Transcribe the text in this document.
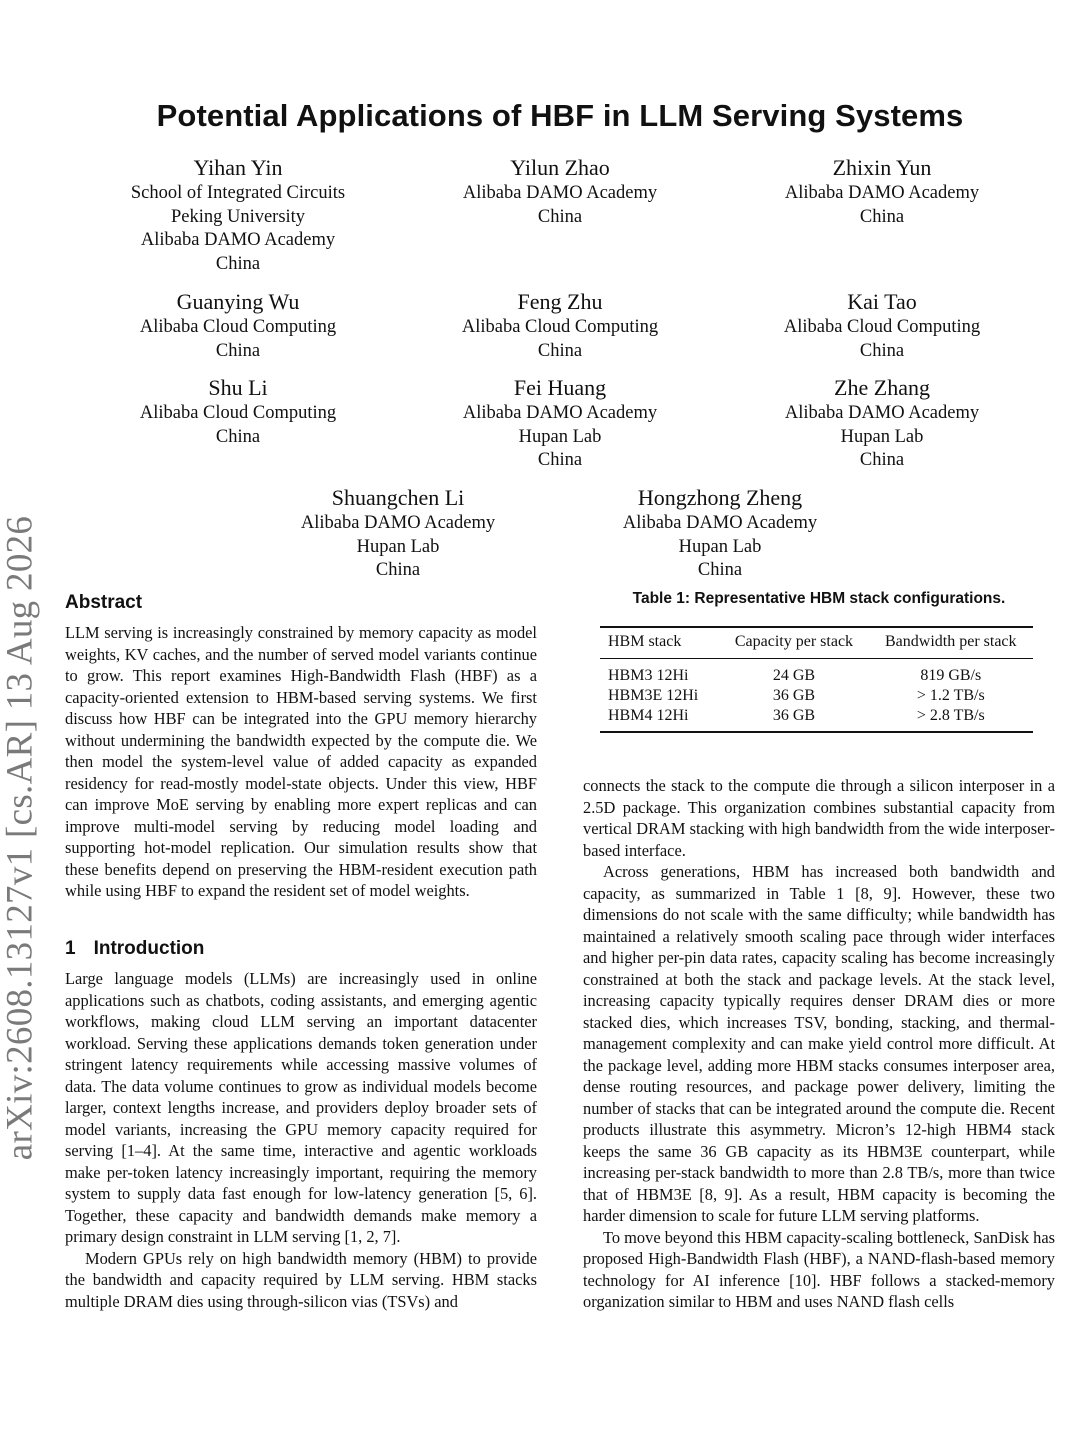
arXiv:2608.13127v1 [cs.AR] 13 Aug 2026
Potential Applications of HBF in LLM Serving Systems
Yihan Yin
School of Integrated Circuits
Peking University
Alibaba DAMO Academy
China
Yilun Zhao
Alibaba DAMO Academy
China
Zhixin Yun
Alibaba DAMO Academy
China
Guanying Wu
Alibaba Cloud Computing
China
Feng Zhu
Alibaba Cloud Computing
China
Kai Tao
Alibaba Cloud Computing
China
Shu Li
Alibaba Cloud Computing
China
Fei Huang
Alibaba DAMO Academy
Hupan Lab
China
Zhe Zhang
Alibaba DAMO Academy
Hupan Lab
China
Shuangchen Li
Alibaba DAMO Academy
Hupan Lab
China
Hongzhong Zheng
Alibaba DAMO Academy
Hupan Lab
China
Abstract

LLM serving is increasingly constrained by memory capacity as model weights, KV caches, and the number of served model variants continue to grow. This report examines High-Bandwidth Flash (HBF) as a capacity-oriented extension to HBM-based serving systems. We first discuss how HBF can be integrated into the GPU memory hierarchy without undermining the bandwidth expected by the compute die. We then model the system-level value of added capacity as expanded residency for read-mostly model-state objects. Under this view, HBF can improve MoE serving by enabling more expert replicas and can improve multi-model serving by reducing model loading and supporting hot-model replication. Our simulation results show that these benefits depend on preserving the HBM-resident execution path while using HBF to expand the resident set of model weights.

1 Introduction

Large language models (LLMs) are increasingly used in online applications such as chatbots, coding assistants, and emerging agentic workflows, making cloud LLM serving an important datacenter workload. Serving these applications demands token generation under stringent latency requirements while accessing massive volumes of data. The data volume continues to grow as individual models become larger, context lengths increase, and providers deploy broader sets of model variants, increasing the GPU memory capacity required for serving [1–4]. At the same time, interactive and agentic workloads make per-token latency increasingly important, requiring the memory system to supply data fast enough for low-latency generation [5, 6]. Together, these capacity and bandwidth demands make memory a primary design constraint in LLM serving [1, 2, 7].

Modern GPUs rely on high bandwidth memory (HBM) to provide the bandwidth and capacity required by LLM serving. HBM stacks multiple DRAM dies using through-silicon vias (TSVs) and

Table 1: Representative HBM stack configurations.
HBM stack	Capacity per stack	Bandwidth per stack
HBM3 12Hi	24 GB	819 GB/s
HBM3E 12Hi	36 GB	> 1.2 TB/s
HBM4 12Hi	36 GB	> 2.8 TB/s

connects the stack to the compute die through a silicon interposer in a 2.5D package. This organization combines substantial capacity from vertical DRAM stacking with high bandwidth from the wide interposer-based interface.

Across generations, HBM has increased both bandwidth and capacity, as summarized in Table 1 [8, 9]. However, these two dimensions do not scale with the same difficulty; while bandwidth has maintained a relatively smooth scaling pace through wider interfaces and higher per-pin data rates, capacity scaling has become increasingly constrained at both the stack and package levels. At the stack level, increasing capacity typically requires denser DRAM dies or more stacked dies, which increases TSV, bonding, stacking, and thermal-management complexity and can make yield control more difficult. At the package level, adding more HBM stacks consumes interposer area, dense routing resources, and package power delivery, limiting the number of stacks that can be integrated around the compute die. Recent products illustrate this asymmetry. Micron’s 12-high HBM4 stack keeps the same 36 GB capacity as its HBM3E counterpart, while increasing per-stack bandwidth to more than 2.8 TB/s, more than twice that of HBM3E [8, 9]. As a result, HBM capacity is becoming the harder dimension to scale for future LLM serving platforms.

To move beyond this HBM capacity-scaling bottleneck, SanDisk has proposed High-Bandwidth Flash (HBF), a NAND-flash-based memory technology for AI inference [10]. HBF follows a stacked-memory organization similar to HBM and uses NAND flash cells
